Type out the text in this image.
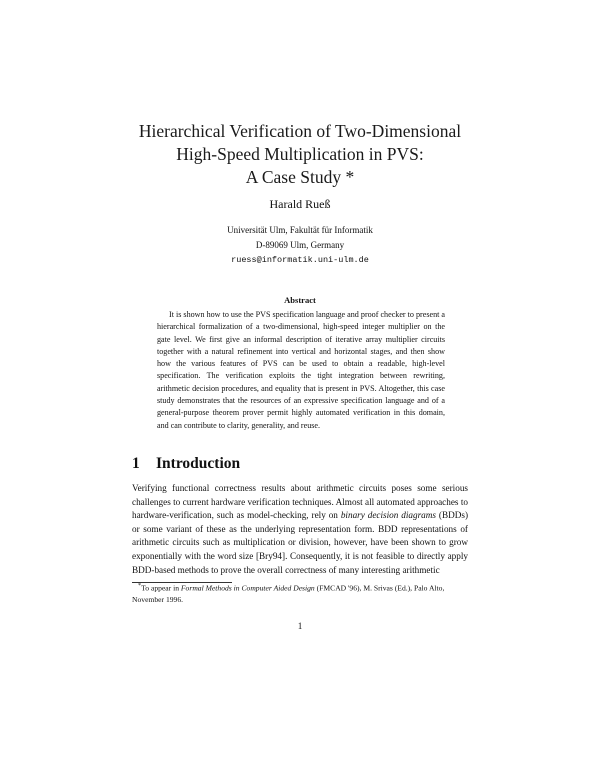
Hierarchical Verification of Two-Dimensional
High-Speed Multiplication in PVS:
A Case Study *
Harald Rueß
Universität Ulm, Fakultät für Informatik
D-89069 Ulm, Germany
ruess@informatik.uni-ulm.de
Abstract
It is shown how to use the PVS specification language and proof checker to present a hierarchical formalization of a two-dimensional, high-speed integer multiplier on the gate level. We first give an informal description of iterative array multiplier circuits together with a natural refinement into vertical and horizontal stages, and then show how the various features of PVS can be used to obtain a readable, high-level specification. The verification exploits the tight integration between rewriting, arithmetic decision procedures, and equality that is present in PVS. Altogether, this case study demonstrates that the resources of an expressive specification language and of a general-purpose theorem prover permit highly automated verification in this domain, and can contribute to clarity, generality, and reuse.
1 Introduction
Verifying functional correctness results about arithmetic circuits poses some serious challenges to current hardware verification techniques. Almost all automated approaches to hardware-verification, such as model-checking, rely on binary decision diagrams (BDDs) or some variant of these as the underlying representation form. BDD representations of arithmetic circuits such as multiplication or division, however, have been shown to grow exponentially with the word size [Bry94]. Consequently, it is not feasible to directly apply BDD-based methods to prove the overall correctness of many interesting arithmetic
*To appear in Formal Methods in Computer Aided Design (FMCAD '96), M. Srivas (Ed.), Palo Alto, November 1996.
1
